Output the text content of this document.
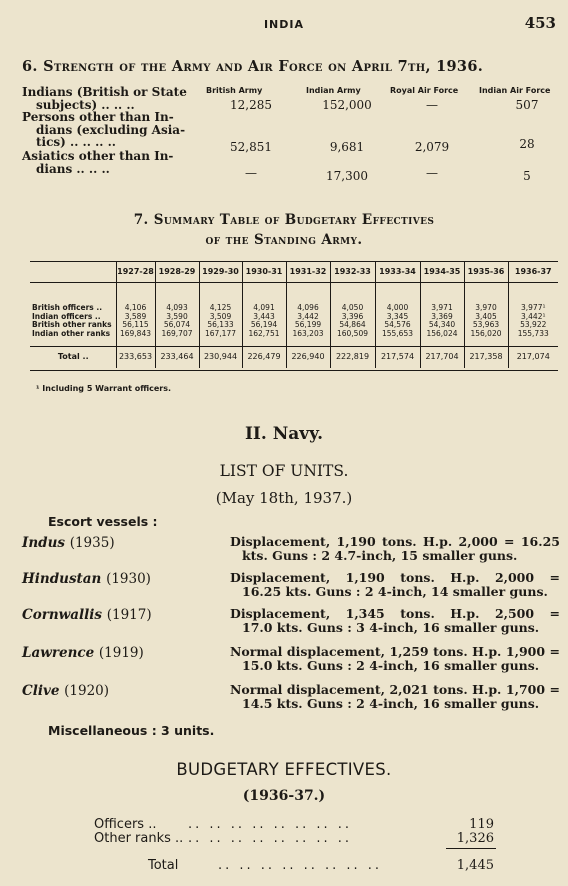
INDIA	453
6. Strength of the Army and Air Force on April 7th, 1936.
British Army	Indian Army	Royal Air Force	Indian Air Force
Indians (British or State
subjects) .. .. ..	12,285	152,000	—	507
Persons other than In-
dians (excluding Asia-
tics) .. .. .. ..	52,851	9,681	2,079	28
Asiatics other than In-
dians .. .. ..	—	17,300	—	5
7. Summary Table of Budgetary Effectives
of the Standing Army.
	1927-28	1928-29	1929-30	1930-31	1931-32	1932-33	1933-34	1934-35	1935-36	1936-37

British officers ..	4,106	4,093	4,125	4,091	4,096	4,050	4,000	3,971	3,970	3,977¹
Indian officers ..	3,589	3,590	3,509	3,443	3,442	3,396	3,345	3,369	3,405	3,442¹
British other ranks	56,115	56,074	56,133	56,194	56,199	54,864	54,576	54,340	53,963	53,922
Indian other ranks	169,843	169,707	167,177	162,751	163,203	160,509	155,653	156,024	156,020	155,733

Total ..	233,653	233,464	230,944	226,479	226,940	222,819	217,574	217,704	217,358	217,074
¹ Including 5 Warrant officers.
II. Navy.
LIST OF UNITS.
(May 18th, 1937.)
Escort vessels :
Indus (1935)	Displacement, 1,190 tons. H.p. 2,000 = 16.25
kts. Guns : 2 4.7-inch, 15 smaller guns.
Hindustan (1930)	Displacement, 1,190 tons. H.p. 2,000 =
16.25 kts. Guns : 2 4-inch, 14 smaller guns.
Cornwallis (1917)	Displacement, 1,345 tons. H.p. 2,500 =
17.0 kts. Guns : 3 4-inch, 16 smaller guns.
Lawrence (1919)	Normal displacement, 1,259 tons. H.p. 1,900 =
15.0 kts. Guns : 2 4-inch, 16 smaller guns.
Clive (1920)	Normal displacement, 2,021 tons. H.p. 1,700 =
14.5 kts. Guns : 2 4-inch, 16 smaller guns.
Miscellaneous : 3 units.
BUDGETARY EFFECTIVES.
(1936-37.)
Officers .. .. .. .. .. .. .. .. ..	119
Other ranks .. .. .. .. .. .. .. .. ..	1,326
Total	.. .. .. .. .. .. .. ..	1,445
